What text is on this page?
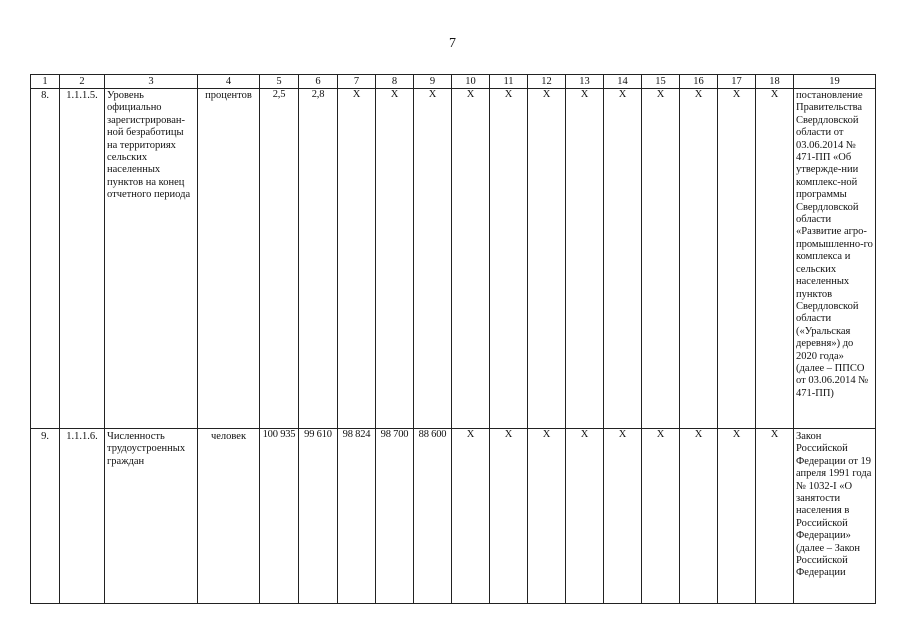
7
1	2	3	4	5	6	7	8	9	10	11	12	13	14	15	16	17	18	19
8.	1.1.1.5.	Уровень официально зарегистрирован-ной безработицы на территориях сельских населенных пунктов на конец отчетного периода	процентов	2,5	2,8	X	X	X	X	X	X	X	X	X	X	X	X	постановление Правительства Свердловской области от 03.06.2014 № 471-ПП «Об утвержде-нии комплекс-ной программы Свердловской области «Развитие агро-промышленно-го комплекса и сельских населенных пунктов Свердловской области («Уральская деревня») до 2020 года» (далее – ППСО от 03.06.2014 № 471-ПП)
9.	1.1.1.6.	Численность трудоустроенных граждан	человек	100 935	99 610	98 824	98 700	88 600	X	X	X	X	X	X	X	X	X	Закон Российской Федерации от 19 апреля 1991 года № 1032-I «О занятости населения в Российской Федерации» (далее – Закон Российской Федерации
